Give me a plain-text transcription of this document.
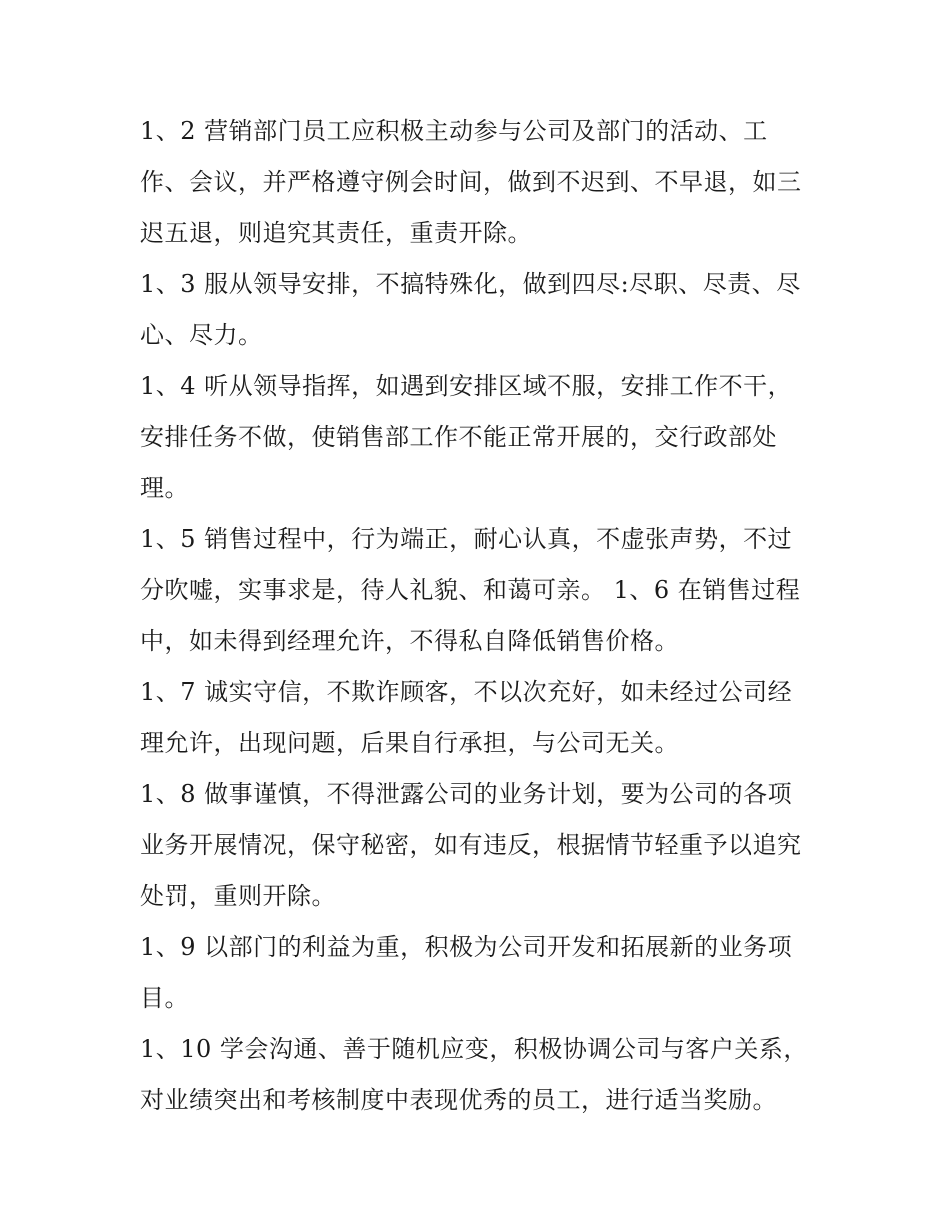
1、2 营销部门员工应积极主动参与公司及部门的活动、工
作、会议，并严格遵守例会时间，做到不迟到、不早退，如三
迟五退，则追究其责任，重责开除。
1、3 服从领导安排，不搞特殊化，做到四尽:尽职、尽责、尽
心、尽力。
1、4 听从领导指挥，如遇到安排区域不服，安排工作不干，
安排任务不做，使销售部工作不能正常开展的，交行政部处
理。
1、5 销售过程中，行为端正，耐心认真，不虚张声势，不过
分吹嘘，实事求是，待人礼貌、和蔼可亲。 1、6 在销售过程
中，如未得到经理允许，不得私自降低销售价格。
1、7 诚实守信，不欺诈顾客，不以次充好，如未经过公司经
理允许，出现问题，后果自行承担，与公司无关。
1、8 做事谨慎，不得泄露公司的业务计划，要为公司的各项
业务开展情况，保守秘密，如有违反，根据情节轻重予以追究
处罚，重则开除。
1、9 以部门的利益为重，积极为公司开发和拓展新的业务项
目。
1、10 学会沟通、善于随机应变，积极协调公司与客户关系，
对业绩突出和考核制度中表现优秀的员工，进行适当奖励。
